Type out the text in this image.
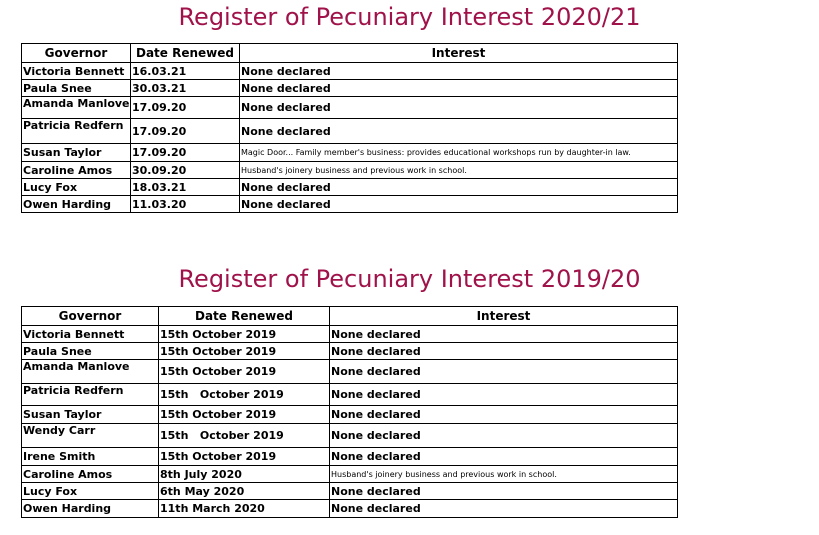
Register of Pecuniary Interest 2020/21
Governor	Date Renewed	Interest
Victoria Bennett	16.03.21	None declared
Paula Snee	30.03.21	None declared
Amanda Manlove	17.09.20	None declared
Patricia Redfern	17.09.20	None declared
Susan Taylor	17.09.20	Magic Door... Family member's business: provides educational workshops run by daughter-in law.
Caroline Amos	30.09.20	Husband's joinery business and previous work in school.
Lucy Fox	18.03.21	None declared
Owen Harding	11.03.20	None declared
Register of Pecuniary Interest 2019/20
Governor	Date Renewed	Interest
Victoria Bennett	15th October 2019	None declared
Paula Snee	15th October 2019	None declared
Amanda Manlove	15th October 2019	None declared
Patricia Redfern	15th   October 2019	None declared
Susan Taylor	15th October 2019	None declared
Wendy Carr	15th   October 2019	None declared
Irene Smith	15th October 2019	None declared
Caroline Amos	8th July 2020	Husband's joinery business and previous work in school.
Lucy Fox	6th May 2020	None declared
Owen Harding	11th March 2020	None declared
